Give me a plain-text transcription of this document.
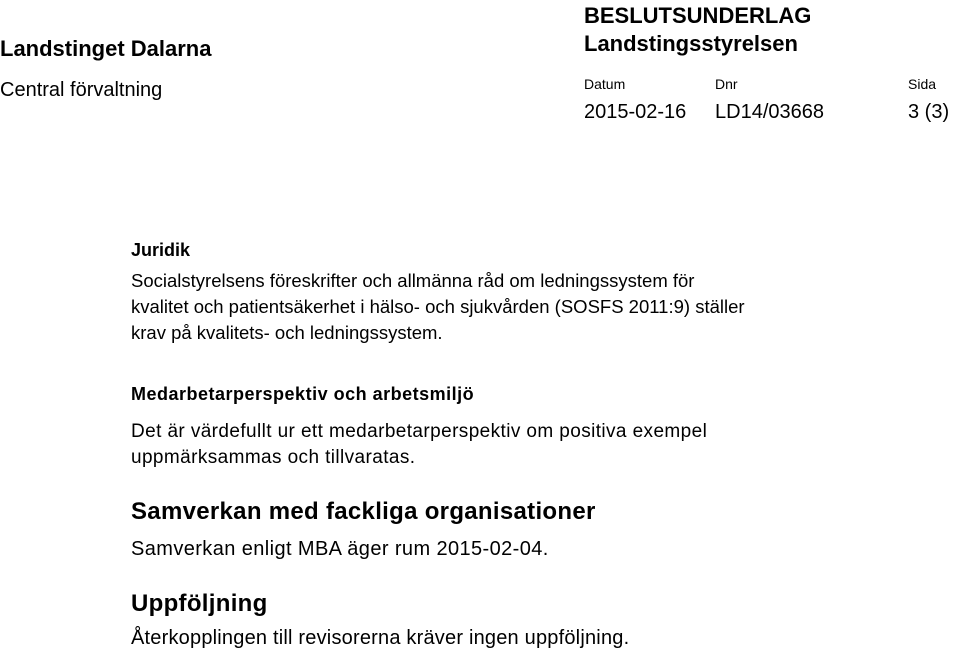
Landstinget Dalarna
Central förvaltning
BESLUTSUNDERLAG
Landstingsstyrelsen
Datum	Dnr	Sida
2015-02-16 LD14/03668	3 (3)
Juridik

Socialstyrelsens föreskrifter och allmänna råd om ledningssystem för
kvalitet och patientsäkerhet i hälso- och sjukvården (SOSFS 2011:9) ställer
krav på kvalitets- och ledningssystem.

Medarbetarperspektiv och arbetsmiljö

Det är värdefullt ur ett medarbetarperspektiv om positiva exempel
uppmärksammas och tillvaratas.

Samverkan med fackliga organisationer

Samverkan enligt MBA äger rum 2015-02-04.

Uppföljning

Återkopplingen till revisorerna kräver ingen uppföljning.
